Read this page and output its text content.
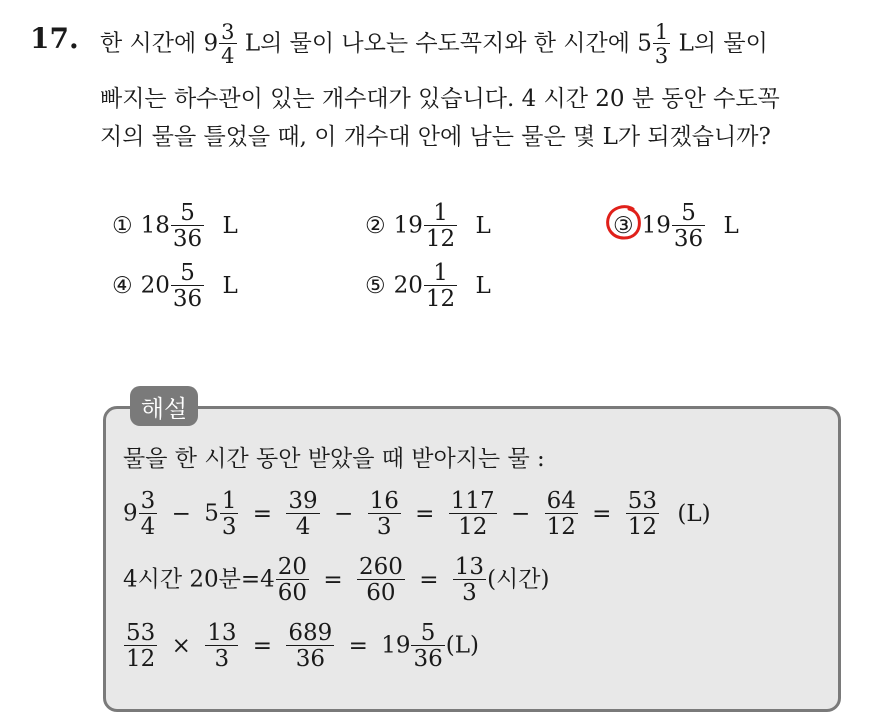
17. 한 시간에 $9 \frac{3}{4}$ L의 물이 나오는 수도꼭지와 한 시간에 $5 \frac{1}{3}$ L의 물이
빠지는 하수관이 있는 개수대가 있습니다. 4 시간 20 분 동안 수도꼭
지의 물을 틀었을 때, 이 개수대 안에 남는 물은 몇 L가 되겠습니까?
① $18 \frac{5}{36}$ L	② $19 \frac{1}{12}$ L	③ $19 \frac{5}{36}$ L
④ $20 \frac{5}{36}$ L	⑤ $20 \frac{1}{12}$ L
해설
물을 한 시간 동안 받았을 때 받아지는 물 :
$9 \frac{3}{4} - 5 \frac{1}{3} = \frac{39}{4} - \frac{16}{3} = \frac{117}{12} - \frac{64}{12} = \frac{53}{12} (L)$
4시간 20분$=4 \frac{20}{60} = \frac{260}{60} = \frac{13}{3}$ (시간)
$\frac{53}{12} \times \frac{13}{3} = \frac{689}{36} = 19 \frac{5}{36} (L)$
